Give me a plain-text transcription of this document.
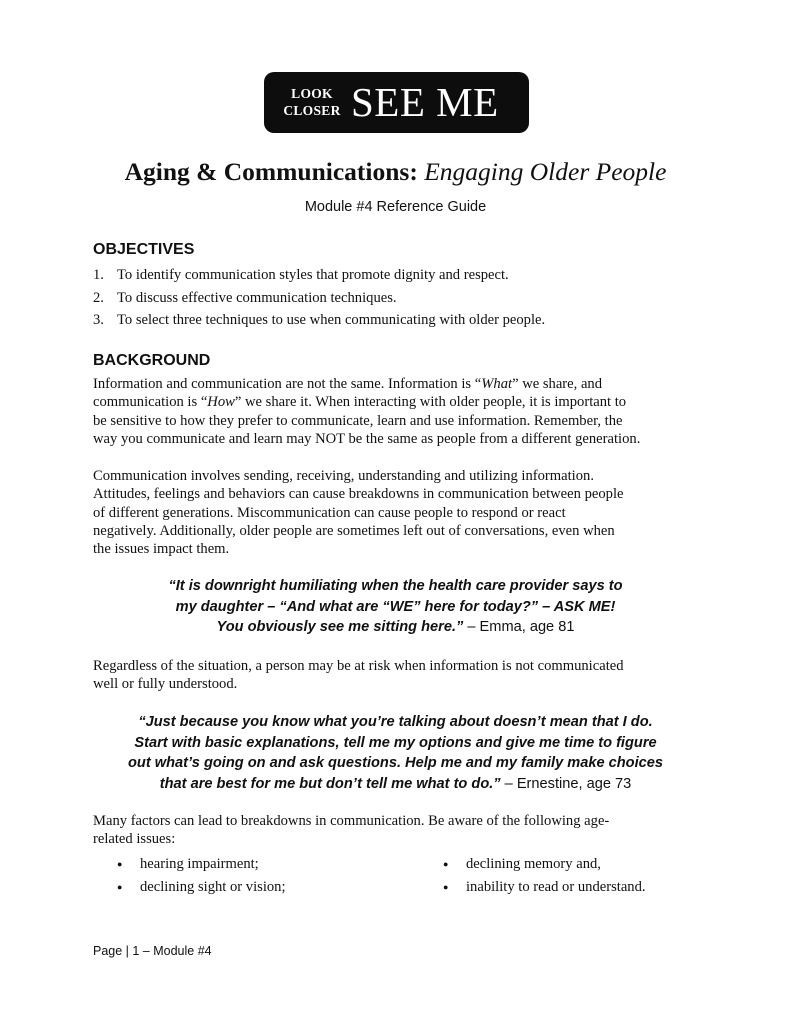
LOOK
CLOSER SEE ME
Aging & Communications: Engaging Older People
Module #4 Reference Guide
OBJECTIVES
1. To identify communication styles that promote dignity and respect.
2. To discuss effective communication techniques.
3. To select three techniques to use when communicating with older people.
BACKGROUND

Information and communication are not the same. Information is “What” we share, and
communication is “How” we share it. When interacting with older people, it is important to
be sensitive to how they prefer to communicate, learn and use information. Remember, the
way you communicate and learn may NOT be the same as people from a different generation.

Communication involves sending, receiving, understanding and utilizing information.
Attitudes, feelings and behaviors can cause breakdowns in communication between people
of different generations. Miscommunication can cause people to respond or react
negatively. Additionally, older people are sometimes left out of conversations, even when
the issues impact them.

“It is downright humiliating when the health care provider says to
my daughter – “And what are “WE” here for today?” – ASK ME!
You obviously see me sitting here.” – Emma, age 81

Regardless of the situation, a person may be at risk when information is not communicated
well or fully understood.

“Just because you know what you’re talking about doesn’t mean that I do.
Start with basic explanations, tell me my options and give me time to figure
out what’s going on and ask questions. Help me and my family make choices
that are best for me but don’t tell me what to do.” – Ernestine, age 73

Many factors can lead to breakdowns in communication. Be aware of the following age-
related issues:

● hearing impairment;
● declining sight or vision;
● declining memory and,
● inability to read or understand.
Page | 1 – Module #4
